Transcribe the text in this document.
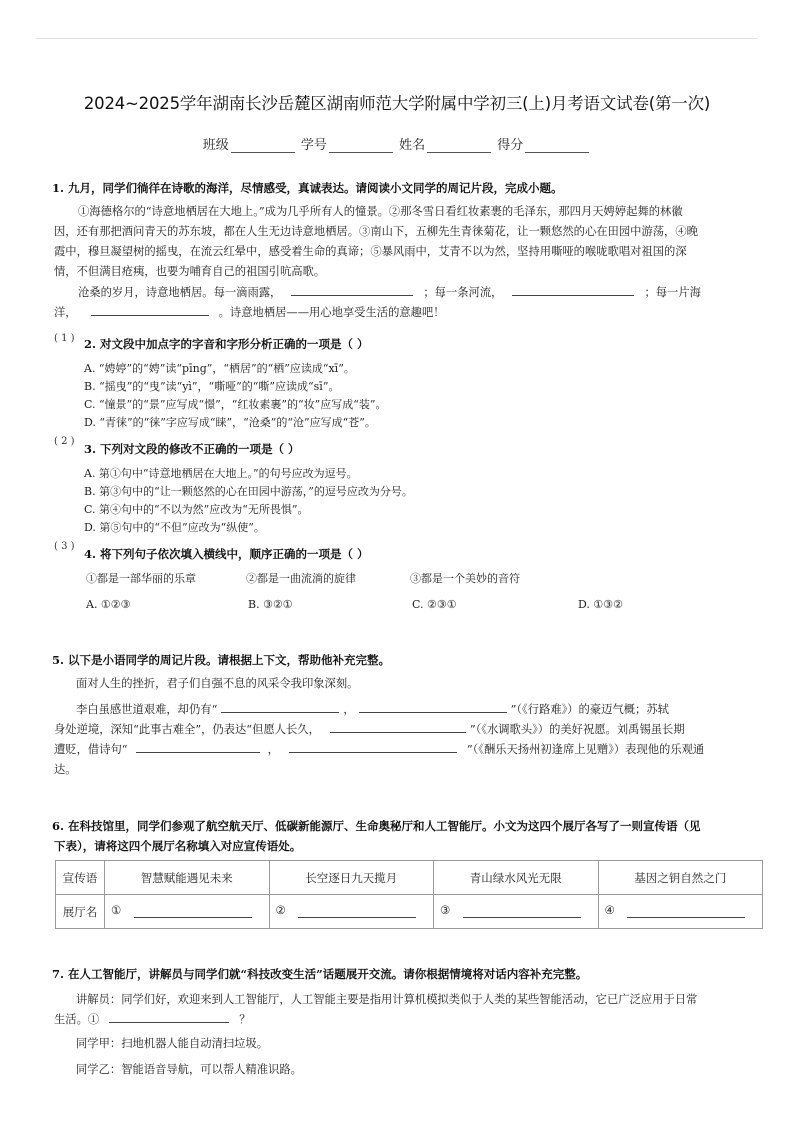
2024~2025学年湖南长沙岳麓区湖南师范大学附属中学初三(上)月考语文试卷(第一次)
班级	学号	姓名	得分
1. 九月，同学们徜徉在诗歌的海洋，尽情感受，真诚表达。请阅读小文同学的周记片段，完成小题。
①海德格尔的“诗意地栖居在大地上。”成为几乎所有人的憧景。②那冬雪日看红妆素裹的毛泽东，那四月天娉婷起舞的林徽
因，还有那把酒问青天的苏东坡，都在人生无边诗意地栖居。③南山下，五柳先生青徕菊花，让一颗悠然的心在田园中游荡，④晚
霞中，穆旦凝望树的摇曳，在流云红晕中，感受着生命的真谛；⑤暴风雨中，艾青不以为然，坚持用嘶哑的喉咙歌唱对祖国的深
情，不但满目疮痍，也要为哺育自己的祖国引吭高歌。
沧桑的岁月，诗意地栖居。每一滴雨露，	；每一条河流，	；每一片海
洋，	。诗意地栖居——用心地享受生活的意趣吧！
( 1 ) 2. 对文段中加点字的字音和字形分析正确的一项是（ ）
A. “娉婷”的“娉”读“pīng”，“栖居”的“栖”应读成“xī”。
B. “摇曳”的“曳”读“yì”，“嘶哑”的“嘶”应读成“sī”。
C. “憧景”的“景”应写成“憬”，“红妆素裹”的“妆”应写成“装”。
D. “青徕”的“徕”字应写成“睐”，“沧桑”的“沧”应写成“苍”。
( 2 )
3. 下列对文段的修改不正确的一项是（ ）
A. 第①句中“诗意地栖居在大地上。”的句号应改为逗号。
B. 第③句中的“让一颗悠然的心在田园中游荡，”的逗号应改为分号。
C. 第④句中的“不以为然”应改为“无所畏惧”。
D. 第⑤句中的“不但”应改为“纵使”。
( 3 )
4. 将下列句子依次填入横线中，顺序正确的一项是（ ）
①都是一部华丽的乐章	②都是一曲流淌的旋律	③都是一个美妙的音符
A. ①②③	B. ③②①	C. ②③①	D. ①③②
5. 以下是小语同学的周记片段。请根据上下文，帮助他补充完整。
面对人生的挫折，君子们自强不息的风采令我印象深刻。
李白虽感世道艰难，却仍有“	，	”（《行路难》）的豪迈气概；苏轼
身处逆境，深知“此事古难全”，仍表达“但愿人长久，	”（《水调歌头》）的美好祝愿。刘禹锡虽长期
遭贬，借诗句“	，	”（《酬乐天扬州初逢席上见赠》）表现他的乐观通
达。
6. 在科技馆里，同学们参观了航空航天厅、低碳新能源厅、生命奥秘厅和人工智能厅。小文为这四个展厅各写了一则宣传语（见
下表），请将这四个展厅名称填入对应宣传语处。
宣传语	智慧赋能遇见未来	长空逐日九天揽月	青山绿水风光无限	基因之钥自然之门
展厅名	①	②	③	④
7. 在人工智能厅，讲解员与同学们就“科技改变生活”话题展开交流。请你根据情境将对话内容补充完整。
讲解员：同学们好，欢迎来到人工智能厅，人工智能主要是指用计算机模拟类似于人类的某些智能活动，它已广泛应用于日常
生活。①	？
同学甲：扫地机器人能自动清扫垃圾。
同学乙：智能语音导航，可以帮人精准识路。
